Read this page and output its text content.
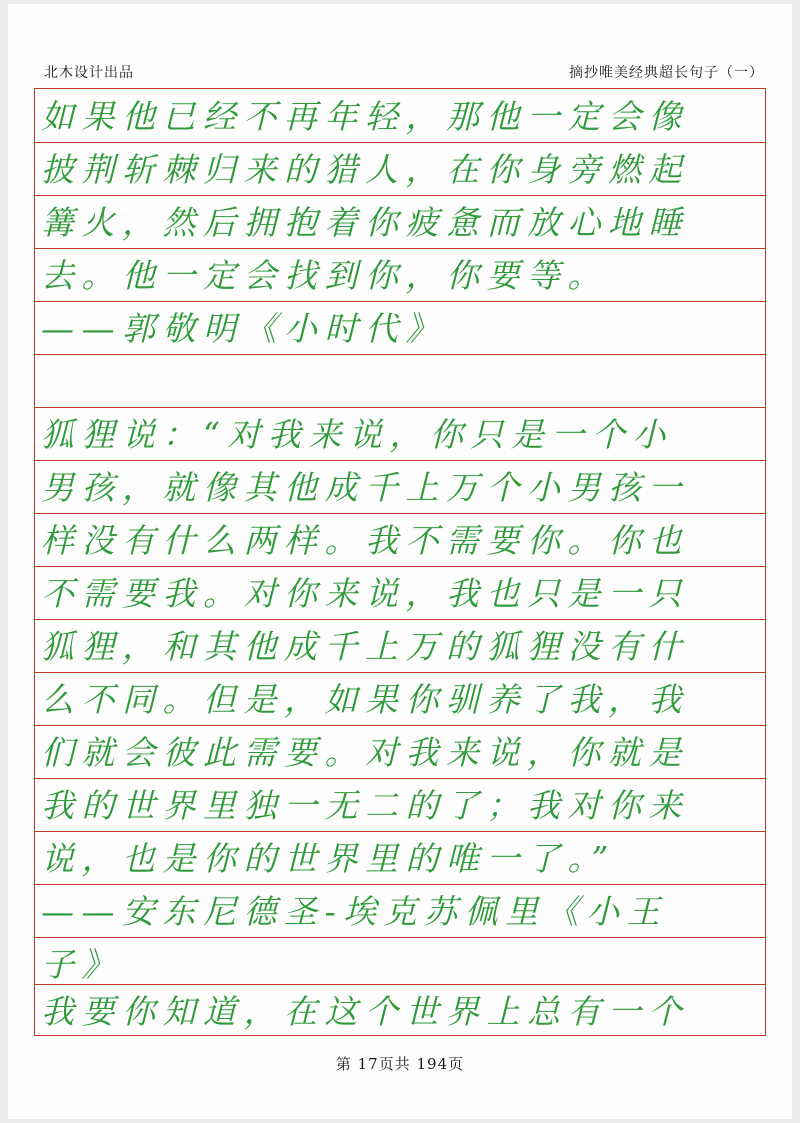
北木设计出品	摘抄唯美经典超长句子（一）
如果他已经不再年轻，那他一定会像
披荆斩棘归来的猎人，在你身旁燃起
篝火，然后拥抱着你疲惫而放心地睡
去。他一定会找到你，你要等。
——郭敬明《小时代》
狐狸说：“对我来说，你只是一个小
男孩，就像其他成千上万个小男孩一
样没有什么两样。我不需要你。你也
不需要我。对你来说，我也只是一只
狐狸，和其他成千上万的狐狸没有什
么不同。但是，如果你驯养了我，我
们就会彼此需要。对我来说，你就是
我的世界里独一无二的了；我对你来
说，也是你的世界里的唯一了。”
——安东尼德圣-埃克苏佩里《小王
子》
我要你知道，在这个世界上总有一个
第 17页共 194页
